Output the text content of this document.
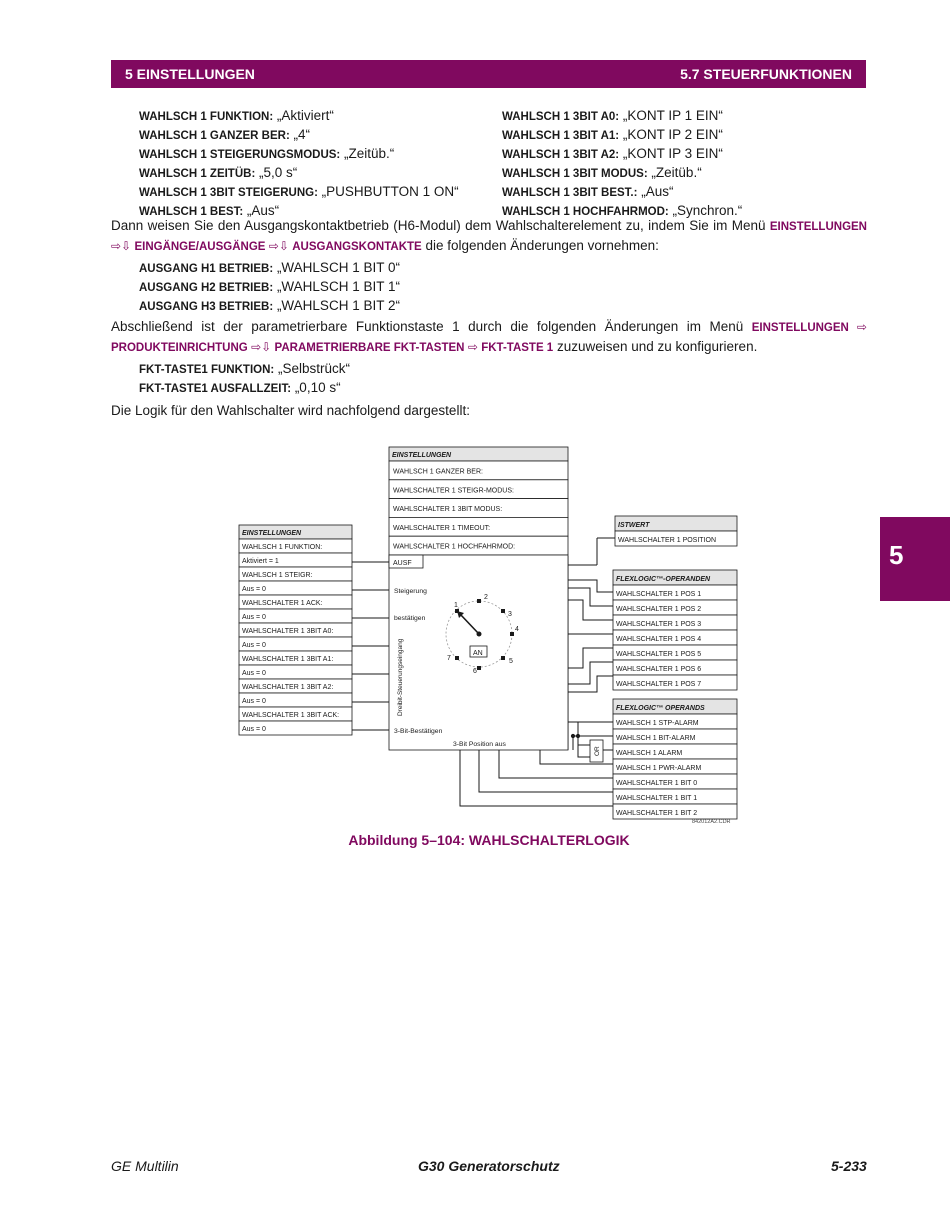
5 EINSTELLUNGEN	5.7 STEUERFUNKTIONEN
5
WAHLSCH 1 FUNKTION: „Aktiviert“
WAHLSCH 1 GANZER BER: „4“
WAHLSCH 1 STEIGERUNGSMODUS: „Zeitüb.“
WAHLSCH 1 ZEITÜB: „5,0 s“
WAHLSCH 1 3BIT STEIGERUNG: „PUSHBUTTON 1 ON“
WAHLSCH 1 BEST: „Aus“
WAHLSCH 1 3BIT A0: „KONT IP 1 EIN“
WAHLSCH 1 3BIT A1: „KONT IP 2 EIN“
WAHLSCH 1 3BIT A2: „KONT IP 3 EIN“
WAHLSCH 1 3BIT MODUS: „Zeitüb.“
WAHLSCH 1 3BIT BEST.: „Aus“
WAHLSCH 1 HOCHFAHRMOD: „Synchron.“
Dann weisen Sie den Ausgangskontaktbetrieb (H6-Modul) dem Wahlschalterelement zu, indem Sie im Menü EINSTELLUNGEN ⇨⇩ EINGÄNGE/AUSGÄNGE ⇨⇩ AUSGANGSKONTAKTE die folgenden Änderungen vornehmen:
AUSGANG H1 BETRIEB: „WAHLSCH 1 BIT 0“
AUSGANG H2 BETRIEB: „WAHLSCH 1 BIT 1“
AUSGANG H3 BETRIEB: „WAHLSCH 1 BIT 2“
Abschließend ist der parametrierbare Funktionstaste 1 durch die folgenden Änderungen im Menü EINSTELLUNGEN ⇨ PRODUKTEINRICHTUNG ⇨⇩ PARAMETRIERBARE FKT-TASTEN ⇨ FKT-TASTE 1 zuzuweisen und zu konfigurieren.
FKT-TASTE1 FUNKTION: „Selbstrück“
FKT-TASTE1 AUSFALLZEIT: „0,10 s“
Die Logik für den Wahlschalter wird nachfolgend dargestellt:
EINSTELLUNGEN
WAHLSCH 1 FUNKTION:
Aktiviert = 1
WAHLSCH 1 STEIGR:
Aus = 0
WAHLSCHALTER 1 ACK:
Aus = 0
WAHLSCHALTER 1 3BIT A0:
Aus = 0
WAHLSCHALTER 1 3BIT A1:
Aus = 0
WAHLSCHALTER 1 3BIT A2:
Aus = 0
WAHLSCHALTER 1 3BIT ACK:
Aus = 0
EINSTELLUNGEN
WAHLSCH 1 GANZER BER:
WAHLSCHALTER 1 STEIGR-MODUS:
WAHLSCHALTER 1 3BIT MODUS:
WAHLSCHALTER 1 TIMEOUT:
WAHLSCHALTER 1 HOCHFAHRMOD:
ISTWERT
WAHLSCHALTER 1 POSITION
FLEXLOGIC™-OPERANDEN
WAHLSCHALTER 1 POS 1
WAHLSCHALTER 1 POS 2
WAHLSCHALTER 1 POS 3
WAHLSCHALTER 1 POS 4
WAHLSCHALTER 1 POS 5
WAHLSCHALTER 1 POS 6
WAHLSCHALTER 1 POS 7
FLEXLOGIC™ OPERANDS
WAHLSCH 1 STP-ALARM
WAHLSCH 1 BIT-ALARM
WAHLSCH 1 ALARM
WAHLSCH 1 PWR-ALARM
WAHLSCHALTER 1 BIT 0
WAHLSCHALTER 1 BIT 1
WAHLSCHALTER 1 BIT 2
OR
842012A2.CDR
AUSF
Steigerung
bestätigen
3-Bit-Bestätigen
3-Bit Position aus
Dreibit-Steuerungseingang
1
2
3
4
5
6
7
AN
Abbildung 5–104: WAHLSCHALTERLOGIK
GE Multilin	G30 Generatorschutz	5-233
